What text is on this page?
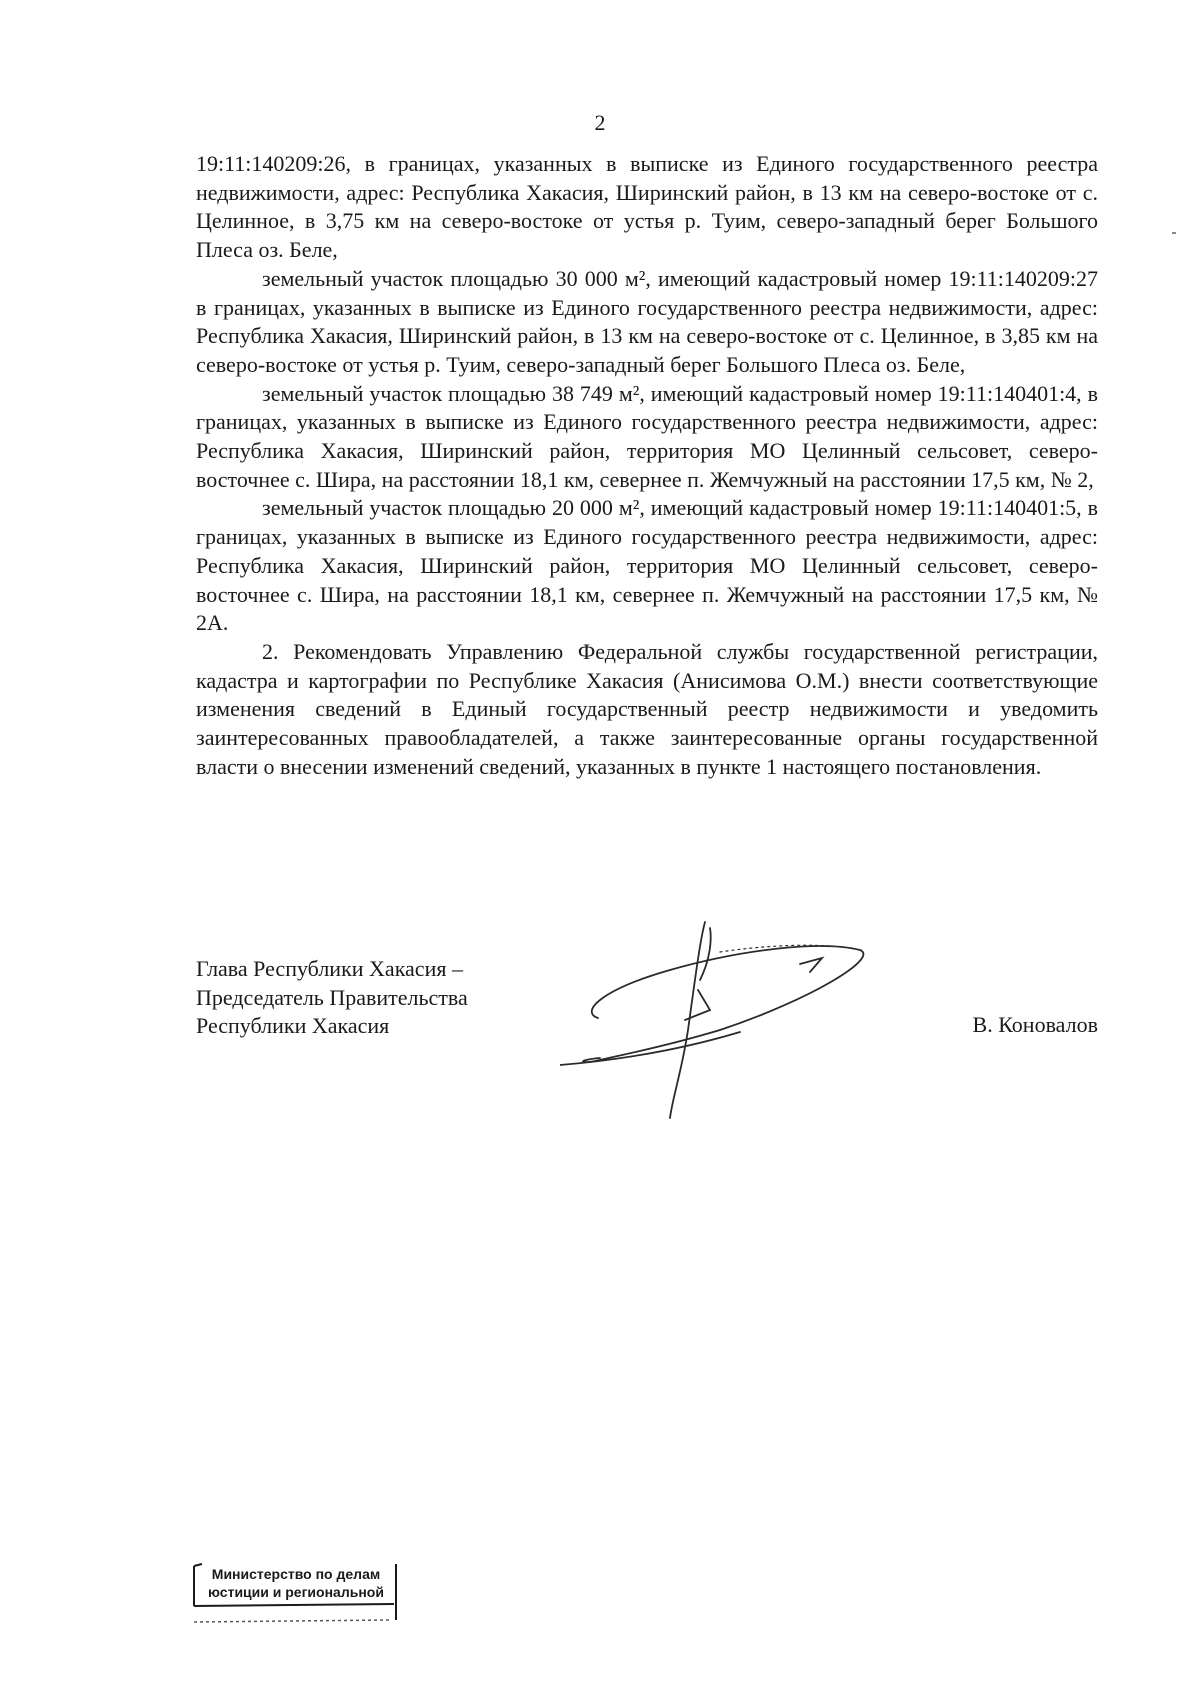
2

19:11:140209:26, в границах, указанных в выписке из Единого государственного реестра недвижимости, адрес: Республика Хакасия, Ширинский район, в 13 км на северо-востоке от с. Целинное, в 3,75 км на северо-востоке от устья р. Туим, северо-западный берег Большого Плеса оз. Беле,

земельный участок площадью 30 000 м², имеющий кадастровый номер 19:11:140209:27 в границах, указанных в выписке из Единого государственного реестра недвижимости, адрес: Республика Хакасия, Ширинский район, в 13 км на северо-востоке от с. Целинное, в 3,85 км на северо-востоке от устья р. Туим, северо-западный берег Большого Плеса оз. Беле,

земельный участок площадью 38 749 м², имеющий кадастровый номер 19:11:140401:4, в границах, указанных в выписке из Единого государственного реестра недвижимости, адрес: Республика Хакасия, Ширинский район, территория МО Целинный сельсовет, северо-восточнее с. Шира, на расстоянии 18,1 км, севернее п. Жемчужный на расстоянии 17,5 км, № 2,

земельный участок площадью 20 000 м², имеющий кадастровый номер 19:11:140401:5, в границах, указанных в выписке из Единого государственного реестра недвижимости, адрес: Республика Хакасия, Ширинский район, территория МО Целинный сельсовет, северо-восточнее с. Шира, на расстоянии 18,1 км, севернее п. Жемчужный на расстоянии 17,5 км, № 2А.

2. Рекомендовать Управлению Федеральной службы государственной регистрации, кадастра и картографии по Республике Хакасия (Анисимова О.М.) внести соответствующие изменения сведений в Единый государственный реестр недвижимости и уведомить заинтересованных правообладателей, а также заинтересованные органы государственной власти о внесении изменений сведений, указанных в пункте 1 настоящего постановления.

Глава Республики Хакасия –
Председатель Правительства
Республики Хакасия	В. Коновалов
Министерство по делам
юстиции и региональной
